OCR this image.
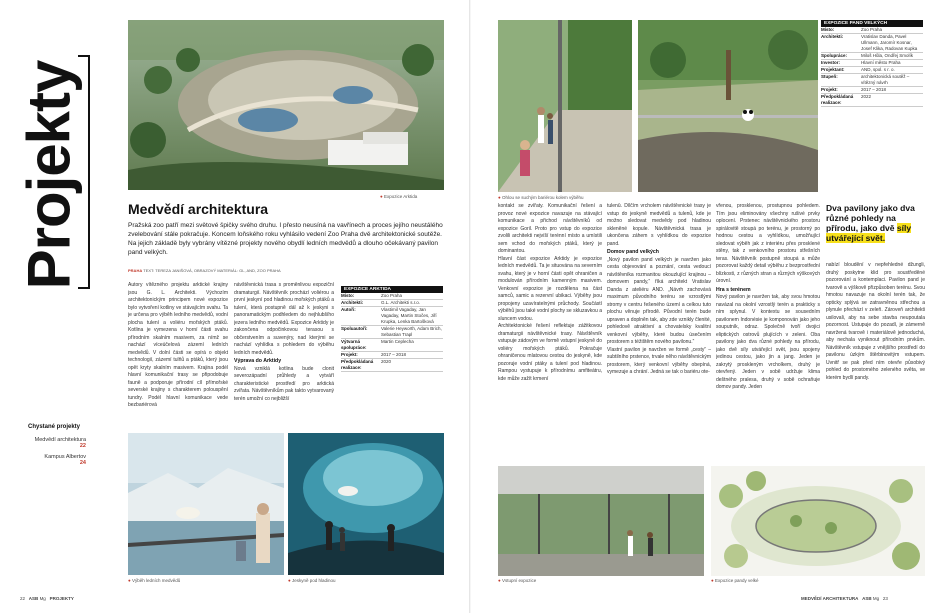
Projekty	● Expozice Arktida
Medvědí architektura
Pražská zoo patří mezi světové špičky svého druhu. I přesto neusíná na vavřínech a proces jejího neustálého zvelebování stále pokračuje. Koncem loňského roku vyhlásilo vedení Zoo Praha dvě architektonické soutěže. Na jejich základě byly vybrány vítězné projekty nového obydlí ledních medvědů a dlouho očekávaný pavilon pand velkých.
PRAHA TEXT: TEREZA JANIŠOVÁ, OBRAZOVÝ MATERIÁL: GL, AND, ZOO PRAHA

Autory vítězného projektu arktické krajiny jsou G. L. Architekti. Výchozím architektonickým principem nové expozice bylo vytvoření kotliny ve stávajícím svahu. Ta je určena pro výběh ledního medvědů, vodní plocha tulení a voliéru mořských ptáků. Kotlina je vymezena v horní části svahu přírodním skalním masivem, za nímž se nachází víceúčelová zázemí ledních medvědů. V dolní části se opírá o objekt technologií, zázemí tulňů a ptáků, který jsou opět kryty skalním masivem. Krajina podél hlavní komunikační trasy se připodobuje fauně a podporuje přírodní cíl přímořské severské krajiny s charakterem polouspění tundry. Podél hlavní komunikace vede bezbariérová

návštěvnická trasa s proměnlivou expoziční dramaturgií. Návštěvník prochází voliérou a první jeskyní pod hladinou mořských ptáků a tulení, která postupně dál až k jeskyni s panoramatickým podhledem do nejhlubšího jezera ledního medvědů. Expozice Arktidy je zakončena odpočinkovou terasou s občerstvením a suvenýry, nad kterými se nachází vyhlídka s pohledem do výběhu ledních medvědů.

Výprava do Arktidy

Nová vzniklá kotlina bude clonit severozápadní průhledy a vytváří charakteristické prostředí pro arktická zvířata. Návštěvníkům pak takto vytvarovaný terén umožní co nejbližší

EXPOZICE ARKTIDA
Místo:	Zoo Praha
Architekti:	G.L. Architekti s.r.o.
Autoři:	Vlastimil Vagaday, Jan Vagaday, Martin Stočes, Jiří Krupka, Lenka Bartošková
Spoluautoři:	Valerie Heyworth, Adam Brich, Sebastian Trapl
Výtvarná spolupráce:
Martin Ceplecha
Projekt:	2017 – 2018
Předpokládaná realizace:
2020
Chystané projekty
Medvědí architektura
22
Kampus Albertov
24
● Výběh ledních medvědů	● Jeskyně pod hladinou
22 ASB Mg PROJEKTY
● Ohlou se suchým bariérou kolem výběhu
EXPOZICE PAND VELKÝCH
Místo:	Zoo Praha
Architekti:	Vratislav Danda, Pavel Ullmann, Jaromír Kosnar, Josef Klika, Radovan Kupka
Spolupráce:	Miloš Hůla, Ondřej Smolík
Investor:	Hlavní město Praha
Projektant:	AND, spol. s r. o.
Stupeň:	architektonická soutěž – vítězný návrh
Projekt:	2017 – 2018
Předpokládaná realizace:
2022

kontakt se zvířaty. Komunikační řešení a provoz nové expozice navazuje na stávající komunikace a přichod návštěvníků od expozice Goril. Proto pro vstup do expozice zvolili architekti nejvíší terénní místo a umístili sem vchod do mořských ptáků, který je dominantou.

Hlavní část expozice Arktidy je expozice ledních medvědů. Ta je situována na severním svahu, který je v horní části opět ohraničen a modulován přírodním kamenným masivem. Venkovní expozice je rozdělena na část samců, samic a rezervní ubikaci. Výběhy jsou propojeny uzavíratelnými průchody. Součástí výběhů jsou také vodní plochy se skluzavkou a sluncem vodou.

Architektonické řešení reflektuje zážitkovou dramaturgii návštěvnické trasy. Návštěvník vstupuje zádovým ve formě vstupní jeskyně do voliéry mořských ptáků. Pokračuje ohraničenou mlatovou cestou do jeskyně, kde pozoruje vodní ptáky a tulení pod hladinou. Rampou vystupuje k přírodnímu amfiteátru, kde může zažít krmení

tulenů. Dílčím vrcholem návštěvnické trasy je vstup do jeskyně medvědů a tulenů, kde je možno sledovat medvědy pod hladinou skleněné kopule. Návštěvnická trasa je ukončena záhem s vyhlídkou do expozice pand.

Domov pand velkých

„Nový pavilon pand velkých je navržen jako cesta objevování a poznání, cesta vedoucí návštěvníka rozmanitou okouzlující krajinou – domovem pandy,“ říká architekt Vratislav Danda z ateliéru AND. „Návrh zachovává maximum původního terénu se vzrostlými stromy v centru řešeného území a celkou tuto plochu věnuje přírodě. Původní terén bude upraven a doplněn tak, aby zde vznikly členité, pohledově atraktivní a chovatelsky kvalitní venkovní výběhy, které budou úsečením prostorem s téžištěm nového pavilonu.“

Vlastní pavilon je navržen ve formě „cesty“ – subtilního prstence, trvale něho návštěvnickým prostorem, který venkovní výběhy obepíná, vymezuje a chrání. Jedná se tak o bariéru ote-

vřenou, prosklenou, prostupnou pohledem. Tím jsou eliminovány všechny rušivé prvky oplocení. Prstenec návštěvnického prostoru spirálovitě stoupá po terénu, je prostorný po hodnou cestou a vyhlídkou, umožňující sledovat výběh jak z interiéru přes prosklené stěny, tak z venkovního prostoru střešních teras. Návštěvník postupně stoupá a může pozorovat každý detail výběhu z bezprostřední blízkosti, z různých stran a různých výškových úrovní.

Hra s terénem

Nový pavilon je navržen tak, aby svou hmotou navázal na okolní vzrostlý terén a prakticky s ním splynul. V kontextu se sousedním pavilonem Indonésie je komponován jako jeho souputník, odraz. Společně tvoří dvojici eliptických ostrovů plujících v zeleni. Oba pavilony jako dva různé pohledy na přírodu, jako dvě síly utvářející svět, jsou spojeny jedinou cestou, jako jin a jang. Jeden je zakrytý proskleným vrcholkem, druhý je otevřený. Jeden v sobě udržuje klima deštného pralesa, druhý v sobě ochraňuje domov pandy. Jeden

Dva pavilony jako dva různé pohledy na přírodu, jako dvě síly utvářející svět.

nabízí bloudění v nepřehledné džungli, druhý poskytne klid pro soustředěné pozorování a kontemplaci. Pavilon pand je tvarově a výškově přizpůsoben terénu. Svou hmotou navazuje na okolní terén tak, že opticky splývá se zatravněnou střechou a plynule přechází v zeleň. Zároveň architekti usilovali, aby na sebe stavba neupoutala pozornost. Ustupuje do pozadí, je zámerně navržená tvarově i materiálově jednoduchá, aby nechala vyniknout přírodním prvkům. Návštěvník vstupuje z vnějšího prostředí do pavilonu úzkým štěrbinovitým vstupem. Uvnitř se pak před ním otevře působivý pohled do prostorného zeleného světa, ve kterém bydlí pandy.

● Vstupní expozice	● Expozice pandy velké
MEDVĚDÍ ARCHITEKTURA ASB Mg 23
